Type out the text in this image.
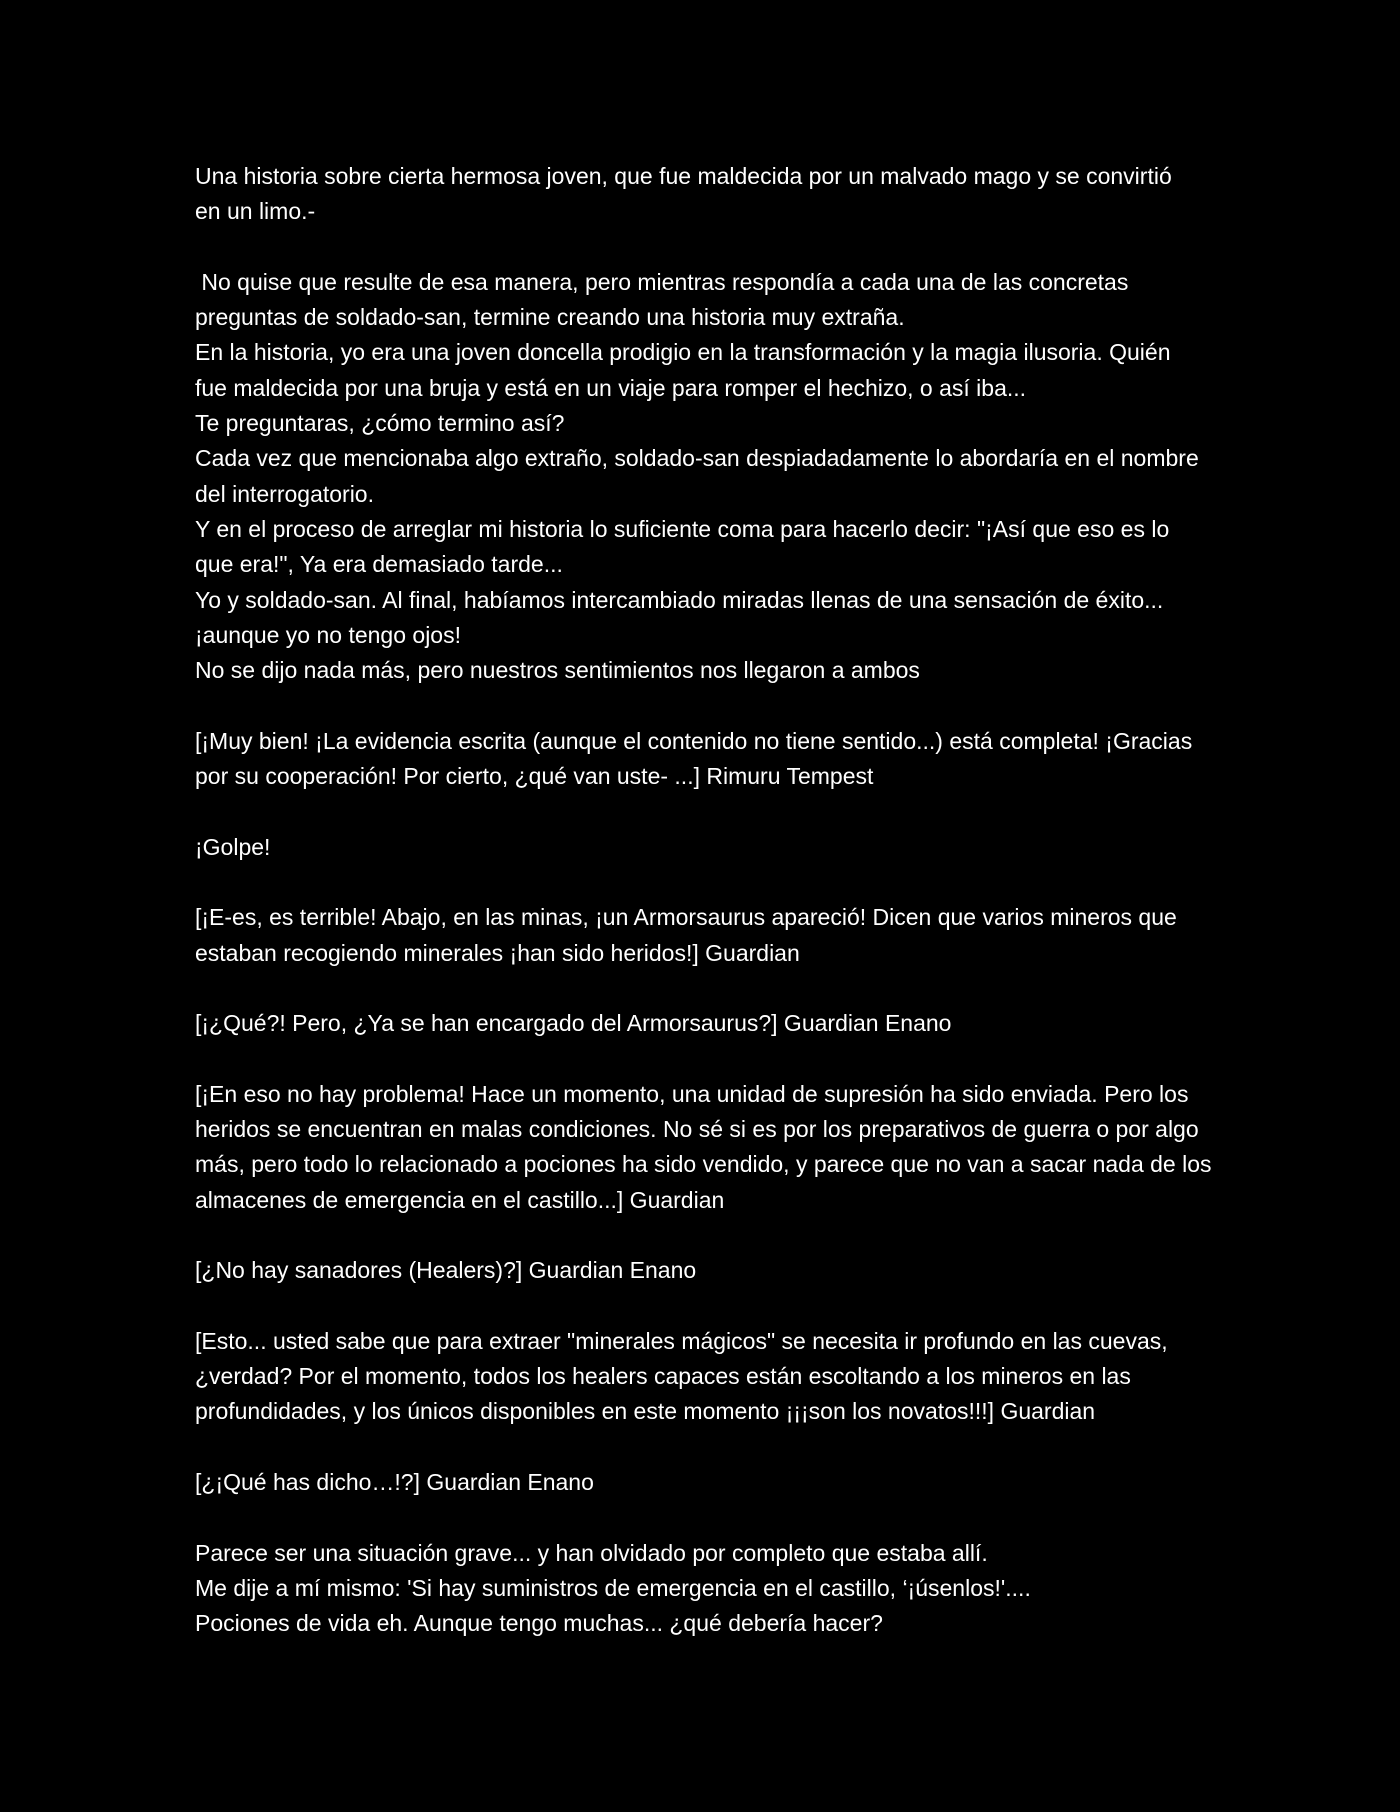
Una historia sobre cierta hermosa joven, que fue maldecida por un malvado mago y se convirtió
en un limo.-
No quise que resulte de esa manera, pero mientras respondía a cada una de las concretas
preguntas de soldado-san, termine creando una historia muy extraña.
En la historia, yo era una joven doncella prodigio en la transformación y la magia ilusoria. Quién
fue maldecida por una bruja y está en un viaje para romper el hechizo, o así iba...
Te preguntaras, ¿cómo termino así?
Cada vez que mencionaba algo extraño, soldado-san despiadadamente lo abordaría en el nombre
del interrogatorio.
Y en el proceso de arreglar mi historia lo suficiente coma para hacerlo decir: "¡Así que eso es lo
que era!", Ya era demasiado tarde...
Yo y soldado-san. Al final, habíamos intercambiado miradas llenas de una sensación de éxito...
¡aunque yo no tengo ojos!
No se dijo nada más, pero nuestros sentimientos nos llegaron a ambos
[¡Muy bien! ¡La evidencia escrita (aunque el contenido no tiene sentido...) está completa! ¡Gracias
por su cooperación! Por cierto, ¿qué van uste- ...] Rimuru Tempest
¡Golpe!
[¡E-es, es terrible! Abajo, en las minas, ¡un Armorsaurus apareció! Dicen que varios mineros que
estaban recogiendo minerales ¡han sido heridos!] Guardian
[¡¿Qué?! Pero, ¿Ya se han encargado del Armorsaurus?] Guardian Enano
[¡En eso no hay problema! Hace un momento, una unidad de supresión ha sido enviada. Pero los
heridos se encuentran en malas condiciones. No sé si es por los preparativos de guerra o por algo
más, pero todo lo relacionado a pociones ha sido vendido, y parece que no van a sacar nada de los
almacenes de emergencia en el castillo...] Guardian
[¿No hay sanadores (Healers)?] Guardian Enano
[Esto... usted sabe que para extraer "minerales mágicos" se necesita ir profundo en las cuevas,
¿verdad? Por el momento, todos los healers capaces están escoltando a los mineros en las
profundidades, y los únicos disponibles en este momento ¡¡¡son los novatos!!!] Guardian
[¿¡Qué has dicho…!?] Guardian Enano
Parece ser una situación grave... y han olvidado por completo que estaba allí.
Me dije a mí mismo: 'Si hay suministros de emergencia en el castillo, ‘¡úsenlos!'....
Pociones de vida eh. Aunque tengo muchas... ¿qué debería hacer?
